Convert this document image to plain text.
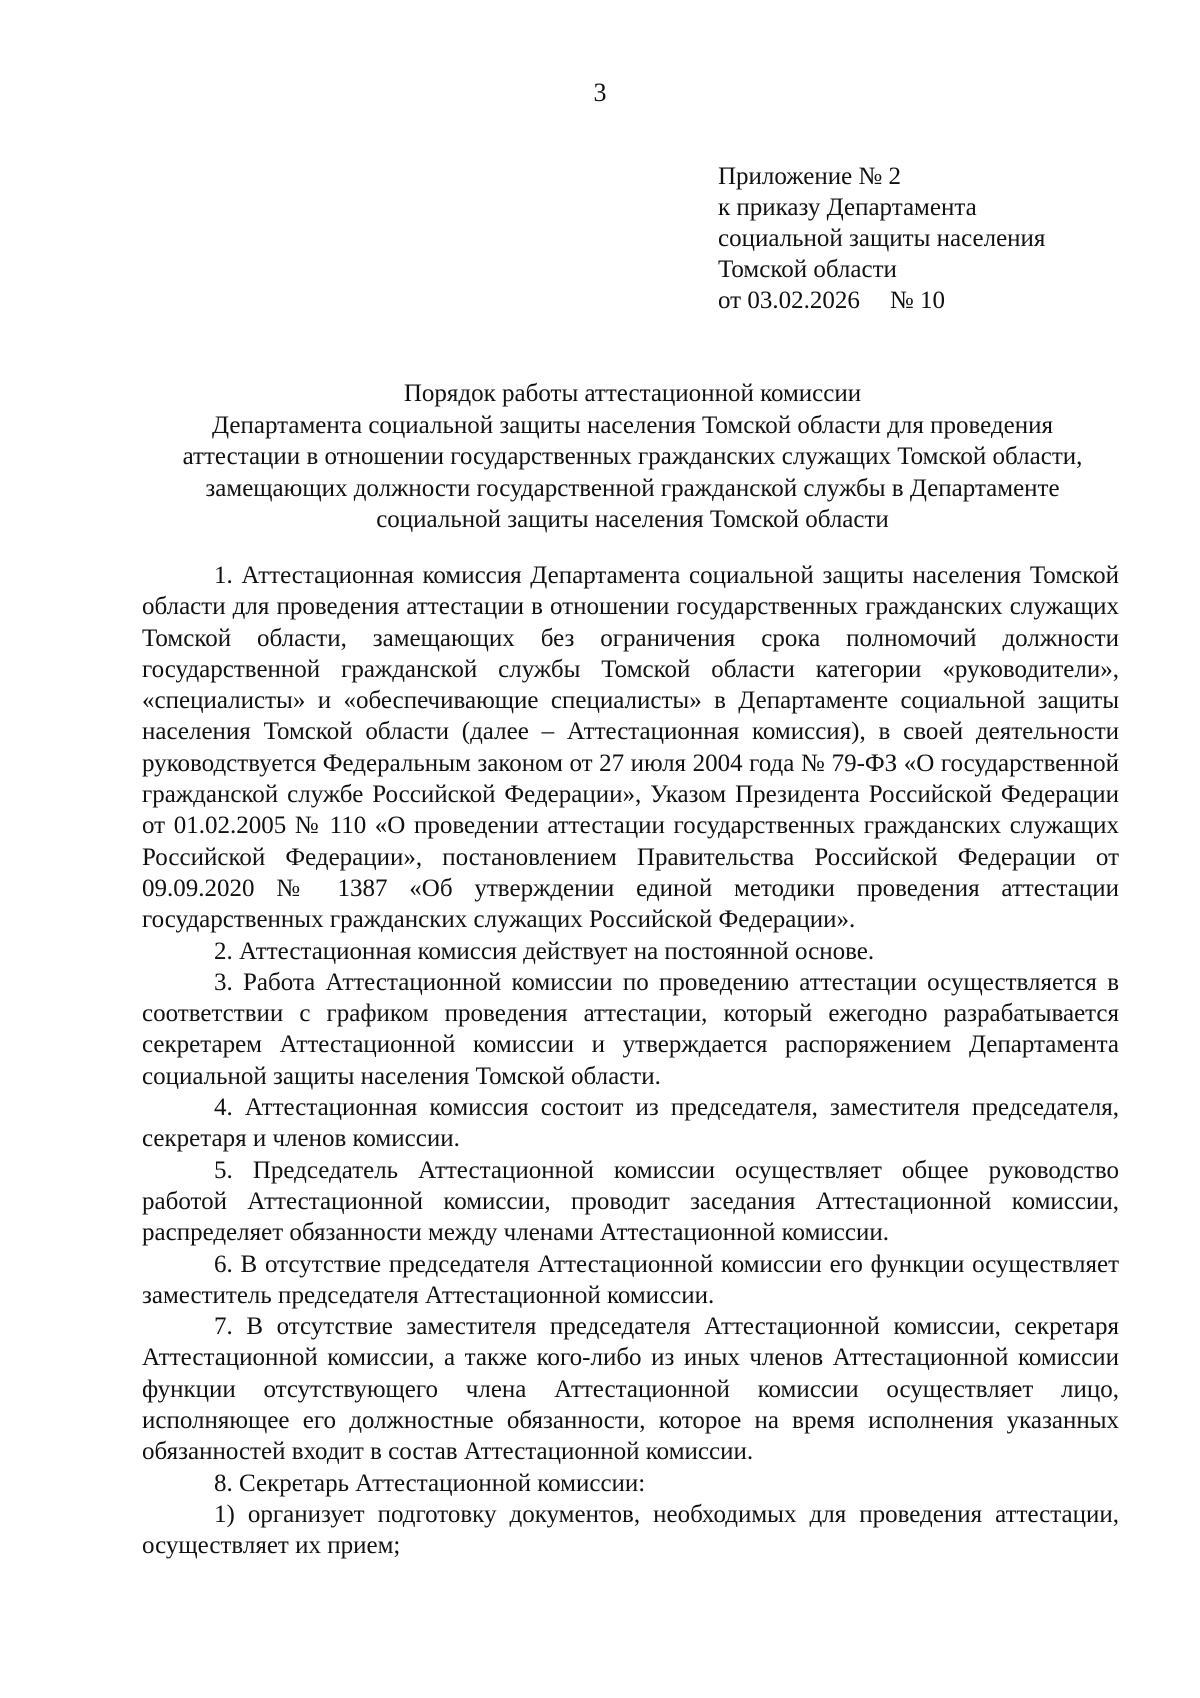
3
Приложение № 2
к приказу Департамента
социальной защиты населения
Томской области
от 03.02.2026 № 10
Порядок работы аттестационной комиссии
Департамента социальной защиты населения Томской области для проведения
аттестации в отношении государственных гражданских служащих Томской области,
замещающих должности государственной гражданской службы в Департаменте
социальной защиты населения Томской области

1. Аттестационная комиссия Департамента социальной защиты населения Томской области для проведения аттестации в отношении государственных гражданских служащих Томской области, замещающих без ограничения срока полномочий должности государственной гражданской службы Томской области категории «руководители», «специалисты» и «обеспечивающие специалисты» в Департаменте социальной защиты населения Томской области (далее – Аттестационная комиссия), в своей деятельности руководствуется Федеральным законом от 27 июля 2004 года № 79-ФЗ «О государственной гражданской службе Российской Федерации», Указом Президента Российской Федерации от 01.02.2005 № 110 «О проведении аттестации государственных гражданских служащих Российской Федерации», постановлением Правительства Российской Федерации от 09.09.2020 № 1387 «Об утверждении единой методики проведения аттестации государственных гражданских служащих Российской Федерации».

2. Аттестационная комиссия действует на постоянной основе.

3. Работа Аттестационной комиссии по проведению аттестации осуществляется в соответствии с графиком проведения аттестации, который ежегодно разрабатывается секретарем Аттестационной комиссии и утверждается распоряжением Департамента социальной защиты населения Томской области.

4. Аттестационная комиссия состоит из председателя, заместителя председателя, секретаря и членов комиссии.

5. Председатель Аттестационной комиссии осуществляет общее руководство работой Аттестационной комиссии, проводит заседания Аттестационной комиссии, распределяет обязанности между членами Аттестационной комиссии.

6. В отсутствие председателя Аттестационной комиссии его функции осуществляет заместитель председателя Аттестационной комиссии.

7. В отсутствие заместителя председателя Аттестационной комиссии, секретаря Аттестационной комиссии, а также кого-либо из иных членов Аттестационной комиссии функции отсутствующего члена Аттестационной комиссии осуществляет лицо, исполняющее его должностные обязанности, которое на время исполнения указанных обязанностей входит в состав Аттестационной комиссии.

8. Секретарь Аттестационной комиссии:

1) организует подготовку документов, необходимых для проведения аттестации, осуществляет их прием;
